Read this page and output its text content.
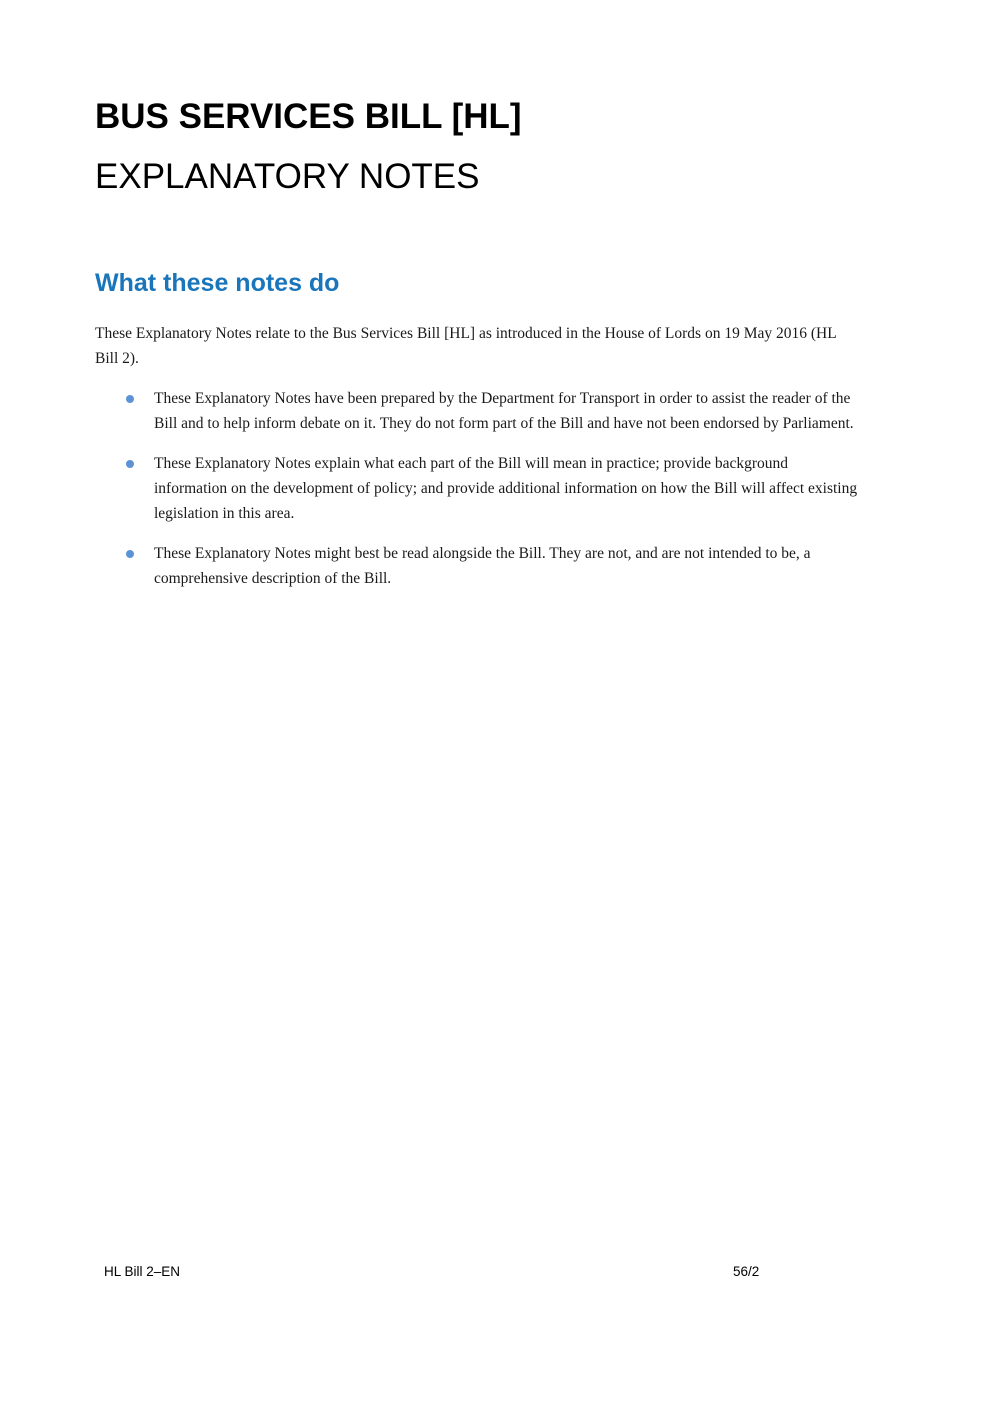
BUS SERVICES BILL [HL]
EXPLANATORY NOTES
What these notes do

These Explanatory Notes relate to the Bus Services Bill [HL] as introduced in the House of Lords on 19 May 2016 (HL Bill 2).

These Explanatory Notes have been prepared by the Department for Transport in order to assist the reader of the Bill and to help inform debate on it. They do not form part of the Bill and have not been endorsed by Parliament.
These Explanatory Notes explain what each part of the Bill will mean in practice; provide background information on the development of policy; and provide additional information on how the Bill will affect existing legislation in this area.
These Explanatory Notes might best be read alongside the Bill. They are not, and are not intended to be, a comprehensive description of the Bill.

HL Bill 2–EN	56/2
